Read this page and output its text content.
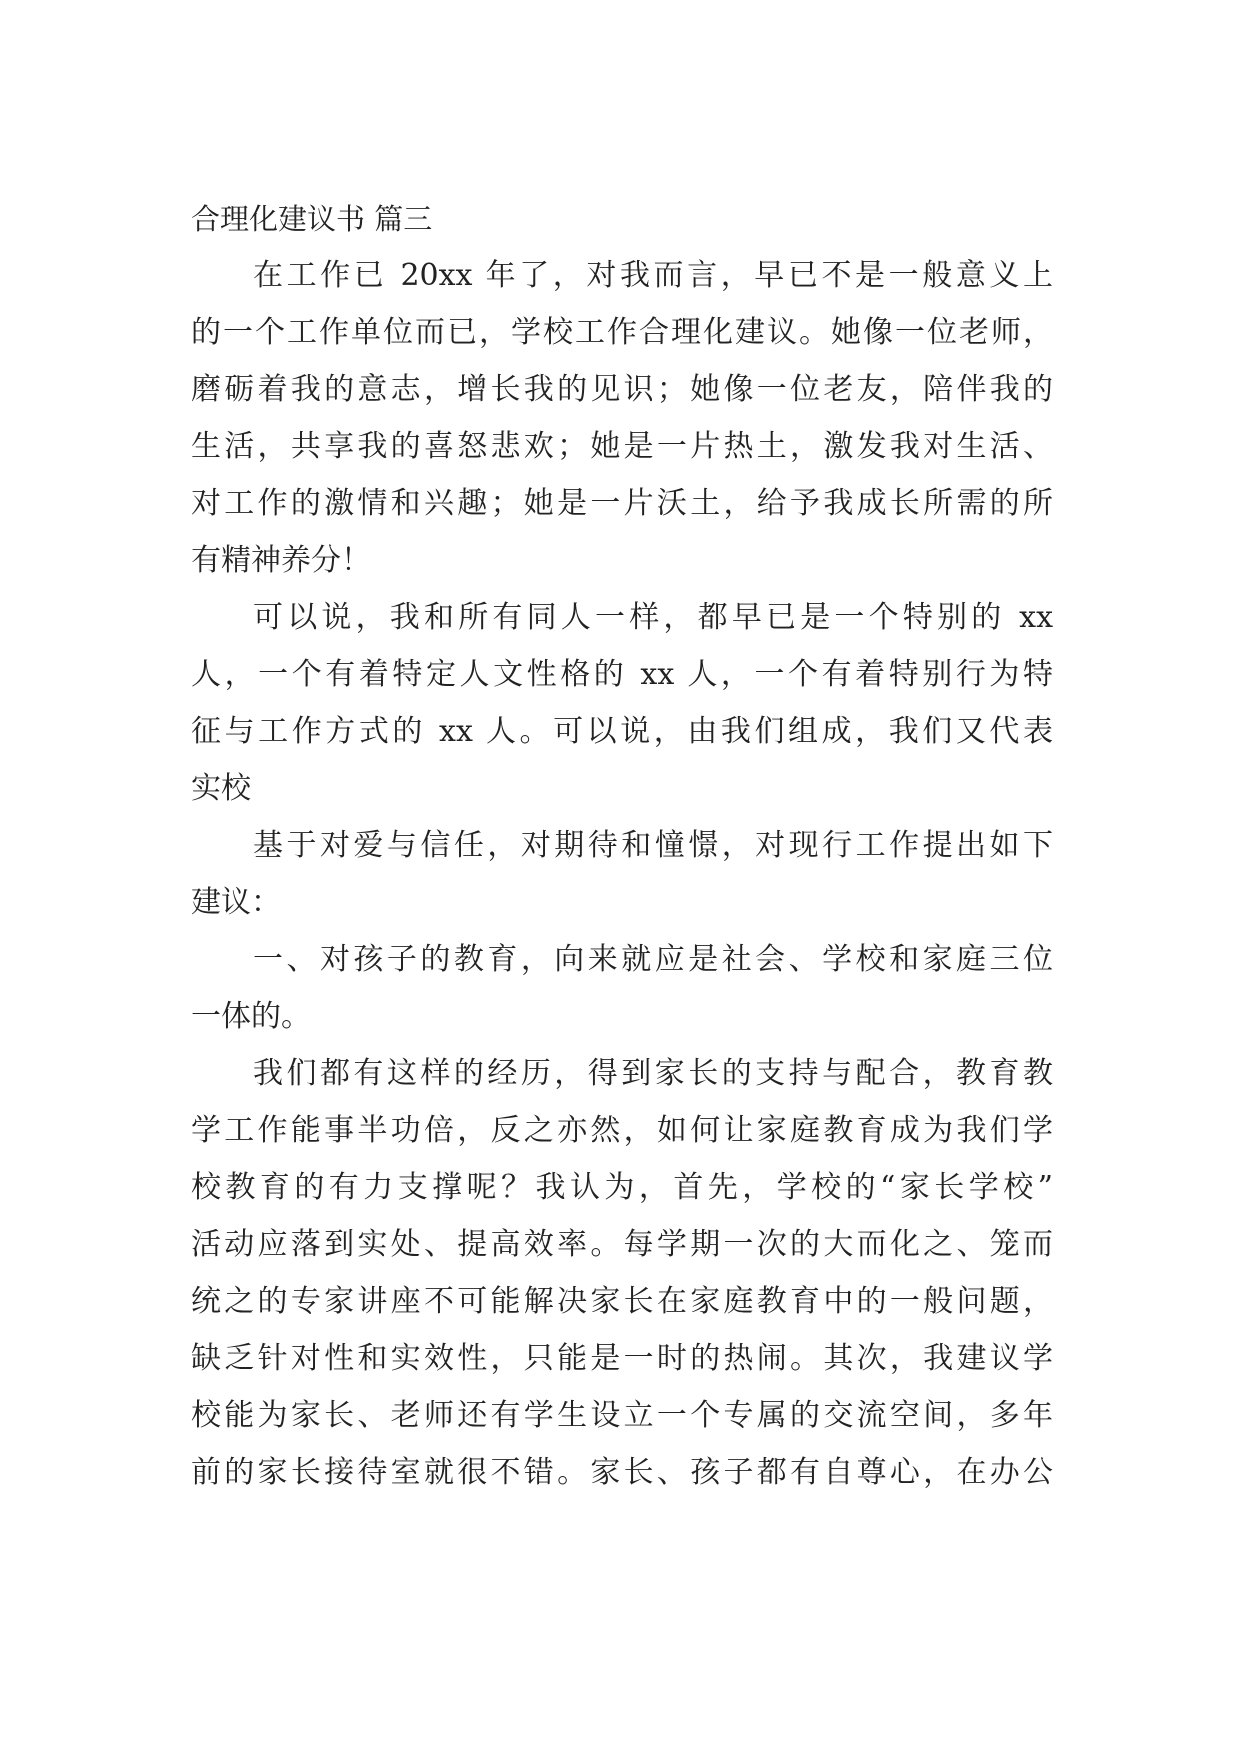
合理化建议书 篇三
在工作已 20xx 年了，对我而言，早已不是一般意义上
的一个工作单位而已，学校工作合理化建议。她像一位老师，
磨砺着我的意志，增长我的见识；她像一位老友，陪伴我的
生活，共享我的喜怒悲欢；她是一片热土，激发我对生活、
对工作的激情和兴趣；她是一片沃土，给予我成长所需的所
有精神养分！
可以说，我和所有同人一样，都早已是一个特别的 xx
人，一个有着特定人文性格的 xx 人，一个有着特别行为特
征与工作方式的 xx 人。可以说，由我们组成，我们又代表
实校
基于对爱与信任，对期待和憧憬，对现行工作提出如下
建议：
一、对孩子的教育，向来就应是社会、学校和家庭三位
一体的。
我们都有这样的经历，得到家长的支持与配合，教育教
学工作能事半功倍，反之亦然，如何让家庭教育成为我们学
校教育的有力支撑呢？我认为，首先，学校的“家长学校”
活动应落到实处、提高效率。每学期一次的大而化之、笼而
统之的专家讲座不可能解决家长在家庭教育中的一般问题，
缺乏针对性和实效性，只能是一时的热闹。其次，我建议学
校能为家长、老师还有学生设立一个专属的交流空间，多年
前的家长接待室就很不错。家长、孩子都有自尊心，在办公
